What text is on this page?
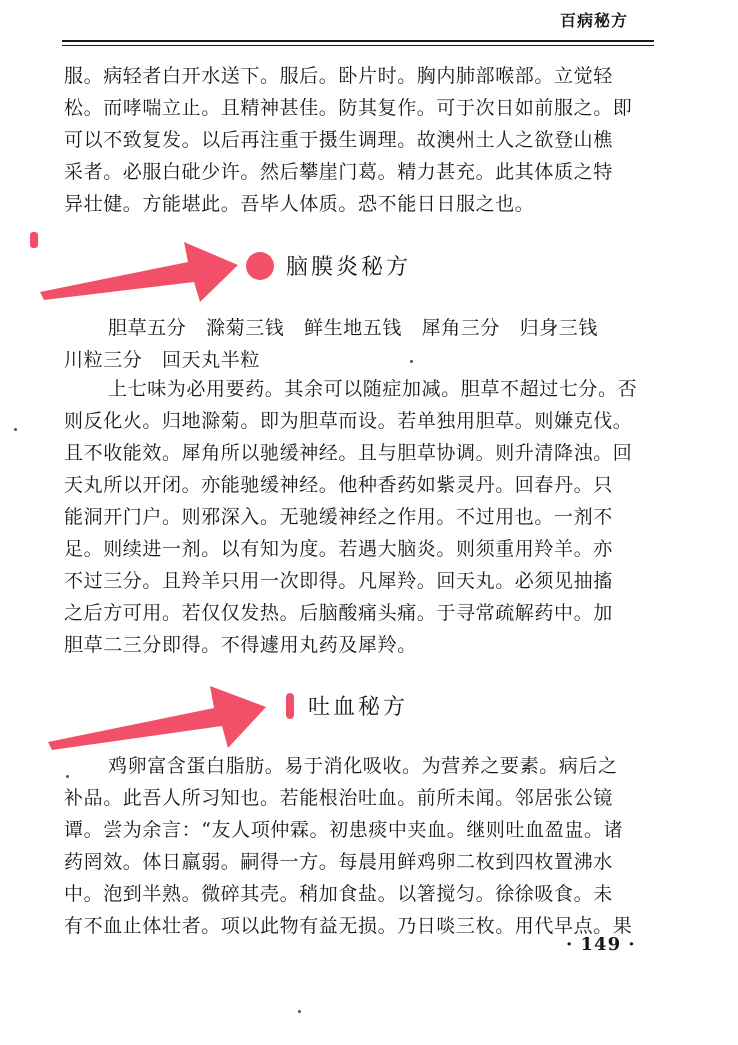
百病秘方
服。病轻者白开水送下。服后。卧片时。胸内肺部喉部。立觉轻
松。而哮喘立止。且精神甚佳。防其复作。可于次日如前服之。即
可以不致复发。以后再注重于摄生调理。故澳州土人之欲登山樵
采者。必服白砒少许。然后攀崖门葛。精力甚充。此其体质之特
异壮健。方能堪此。吾毕人体质。恐不能日日服之也。
脑膜炎秘方
胆草五分　滁菊三钱　鲜生地五钱　犀角三分　归身三钱
川粒三分　回天丸半粒
上七味为必用要药。其余可以随症加减。胆草不超过七分。否
则反化火。归地滁菊。即为胆草而设。若单独用胆草。则嫌克伐。
且不收能效。犀角所以驰缓神经。且与胆草协调。则升清降浊。回
天丸所以开闭。亦能驰缓神经。他种香药如紫灵丹。回春丹。只
能洞开门户。则邪深入。无驰缓神经之作用。不过用也。一剂不
足。则续进一剂。以有知为度。若遇大脑炎。则须重用羚羊。亦
不过三分。且羚羊只用一次即得。凡犀羚。回天丸。必须见抽搐
之后方可用。若仅仅发热。后脑酸痛头痛。于寻常疏解药中。加
胆草二三分即得。不得遽用丸药及犀羚。
吐血秘方
鸡卵富含蛋白脂肪。易于消化吸收。为营养之要素。病后之
补品。此吾人所习知也。若能根治吐血。前所未闻。邻居张公镜
谭。尝为余言：“友人项仲霖。初患痰中夹血。继则吐血盈盅。诸
药罔效。体日羸弱。嗣得一方。每晨用鲜鸡卵二枚到四枚置沸水
中。泡到半熟。微碎其壳。稍加食盐。以箸搅匀。徐徐吸食。未
有不血止体壮者。项以此物有益无损。乃日啖三枚。用代早点。果
· 149 ·
